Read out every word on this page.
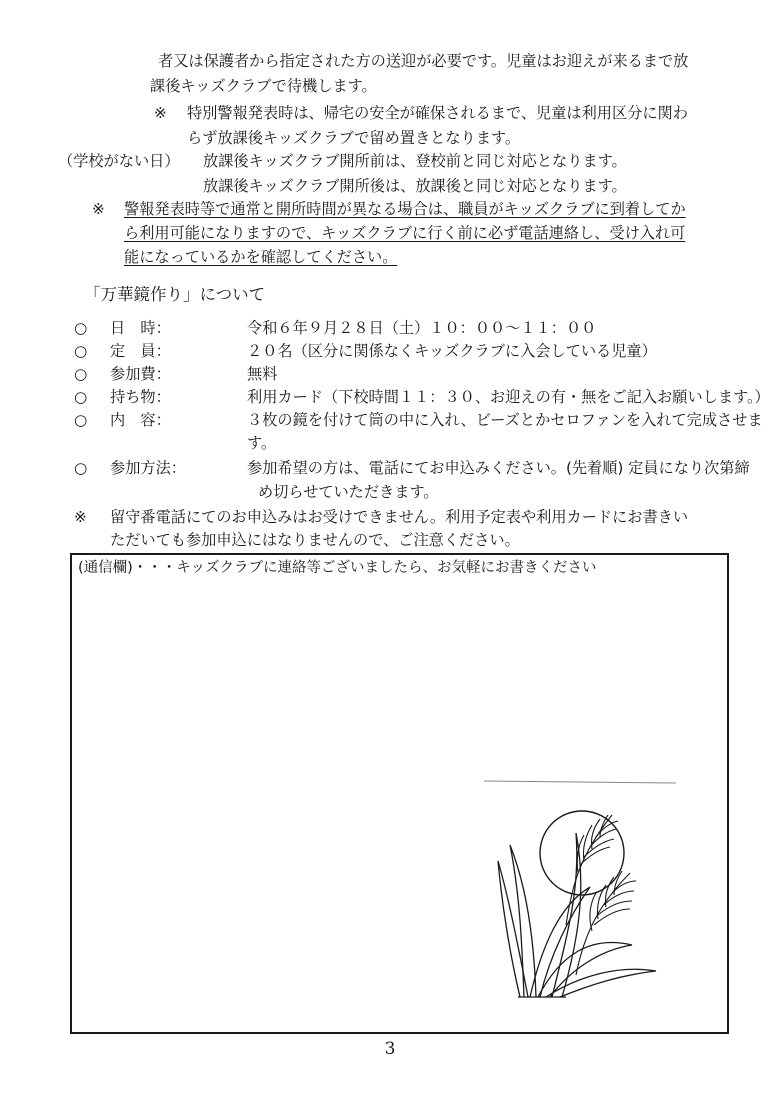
者又は保護者から指定された方の送迎が必要です。児童はお迎えが来るまで放
課後キッズクラブで待機します。
※ 特別警報発表時は、帰宅の安全が確保されるまで、児童は利用区分に関わ
らず放課後キッズクラブで留め置きとなります。
（学校がない日） 放課後キッズクラブ開所前は、登校前と同じ対応となります。
放課後キッズクラブ開所後は、放課後と同じ対応となります。
※ 警報発表時等で通常と開所時間が異なる場合は、職員がキッズクラブに到着してか
ら利用可能になりますので、キッズクラブに行く前に必ず電話連絡し、受け入れ可
能になっているかを確認してください。
「万華鏡作り」について
○ 日　時：	令和６年９月２８日（土）１０：００～１１：００
○ 定　員：	２０名（区分に関係なくキッズクラブに入会している児童）
○ 参加費：	無料
○ 持ち物：	利用カード（下校時間１１：３０、お迎えの有・無をご記入お願いします。）
○ 内　容：	３枚の鏡を付けて筒の中に入れ、ビーズとかセロファンを入れて完成させま
す。
○ 参加方法：	参加希望の方は、電話にてお申込みください。(先着順) 定員になり次第締
め切らせていただきます。
※ 留守番電話にてのお申込みはお受けできません。利用予定表や利用カードにお書きい
ただいても参加申込にはなりませんので、ご注意ください。
(通信欄)・・・キッズクラブに連絡等ございましたら、お気軽にお書きください
3
